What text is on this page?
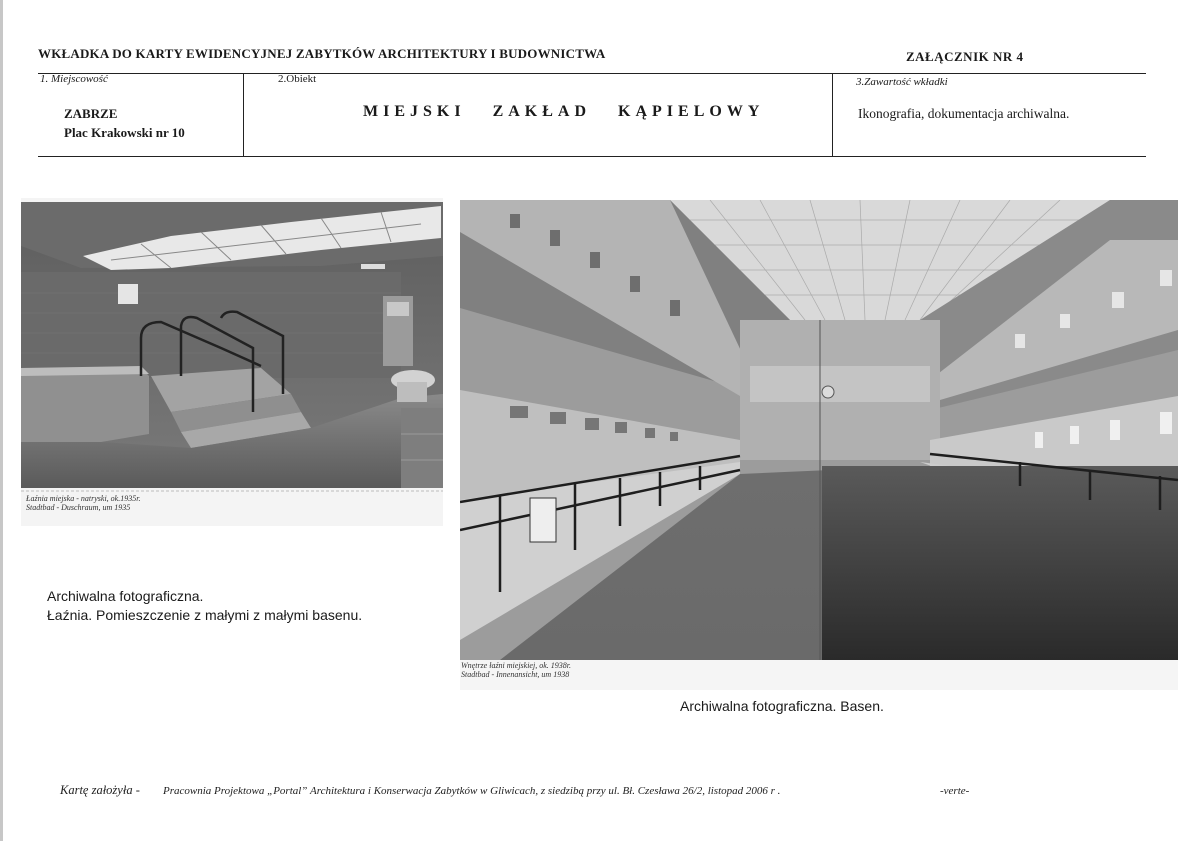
WKŁADKA DO KARTY EWIDENCYJNEJ ZABYTKÓW ARCHITEKTURY I BUDOWNICTWA	ZAŁĄCZNIK NR 4
1. Miejscowość
ZABRZE
Plac Krakowski nr 10
2.Obiekt
MIEJSKI ZAKŁAD KĄPIELOWY
3.Zawartość wkładki
Ikonografia, dokumentacja archiwalna.
Łaźnia miejska - natryski, ok.1935r.
Stadtbad - Duschraum, um 1935
Archiwalna fotograficzna.
Łaźnia. Pomieszczenie z małymi z małymi basenu.
Wnętrze łaźni miejskiej, ok. 1938r.
Stadtbad - Innenansicht, um 1938
Archiwalna fotograficzna. Basen.
Kartę założyła - Pracownia Projektowa „Portal” Architektura i Konserwacja Zabytków w Gliwicach, z siedzibą przy ul. Bł. Czesława 26/2, listopad 2006 r .	-verte-
